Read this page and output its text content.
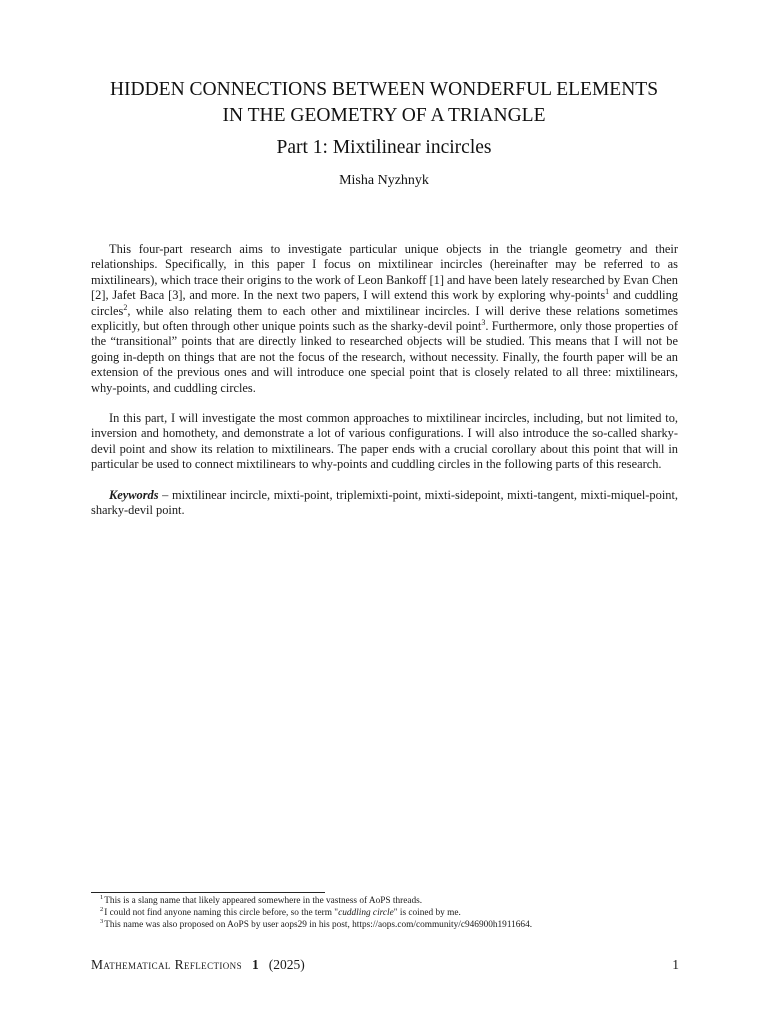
HIDDEN CONNECTIONS BETWEEN WONDERFUL ELEMENTS
IN THE GEOMETRY OF A TRIANGLE
Part 1: Mixtilinear incircles
Misha Nyzhnyk

This four-part research aims to investigate particular unique objects in the triangle geometry and their relationships. Specifically, in this paper I focus on mixtilinear incircles (hereinafter may be referred to as mixtilinears), which trace their origins to the work of Leon Bankoff [1] and have been lately researched by Evan Chen [2], Jafet Baca [3], and more. In the next two papers, I will extend this work by exploring why-points$^1$ and cuddling circles$^2$, while also relating them to each other and mixtilinear incircles. I will derive these relations sometimes explicitly, but often through other unique points such as the sharky-devil point$^3$. Furthermore, only those properties of the “transitional” points that are directly linked to researched objects will be studied. This means that I will not be going in-depth on things that are not the focus of the research, without necessity. Finally, the fourth paper will be an extension of the previous ones and will introduce one special point that is closely related to all three: mixtilinears, why-points, and cuddling circles.

In this part, I will investigate the most common approaches to mixtilinear incircles, including, but not limited to, inversion and homothety, and demonstrate a lot of various configurations. I will also introduce the so-called sharky-devil point and show its relation to mixtilinears. The paper ends with a crucial corollary about this point that will in particular be used to connect mixtilinears to why-points and cuddling circles in the following parts of this research.

Keywords – mixtilinear incircle, mixti-point, triplemixti-point, mixti-sidepoint, mixti-tangent, mixti-miquel-point, sharky-devil point.

$^1$This is a slang name that likely appeared somewhere in the vastness of AoPS threads.
$^2$I could not find anyone naming this circle before, so the term "cuddling circle" is coined by me.
$^3$This name was also proposed on AoPS by user aops29 in his post, https://aops.com/community/c946900h1911664.
Mathematical Reflections 1 (2025)	1
